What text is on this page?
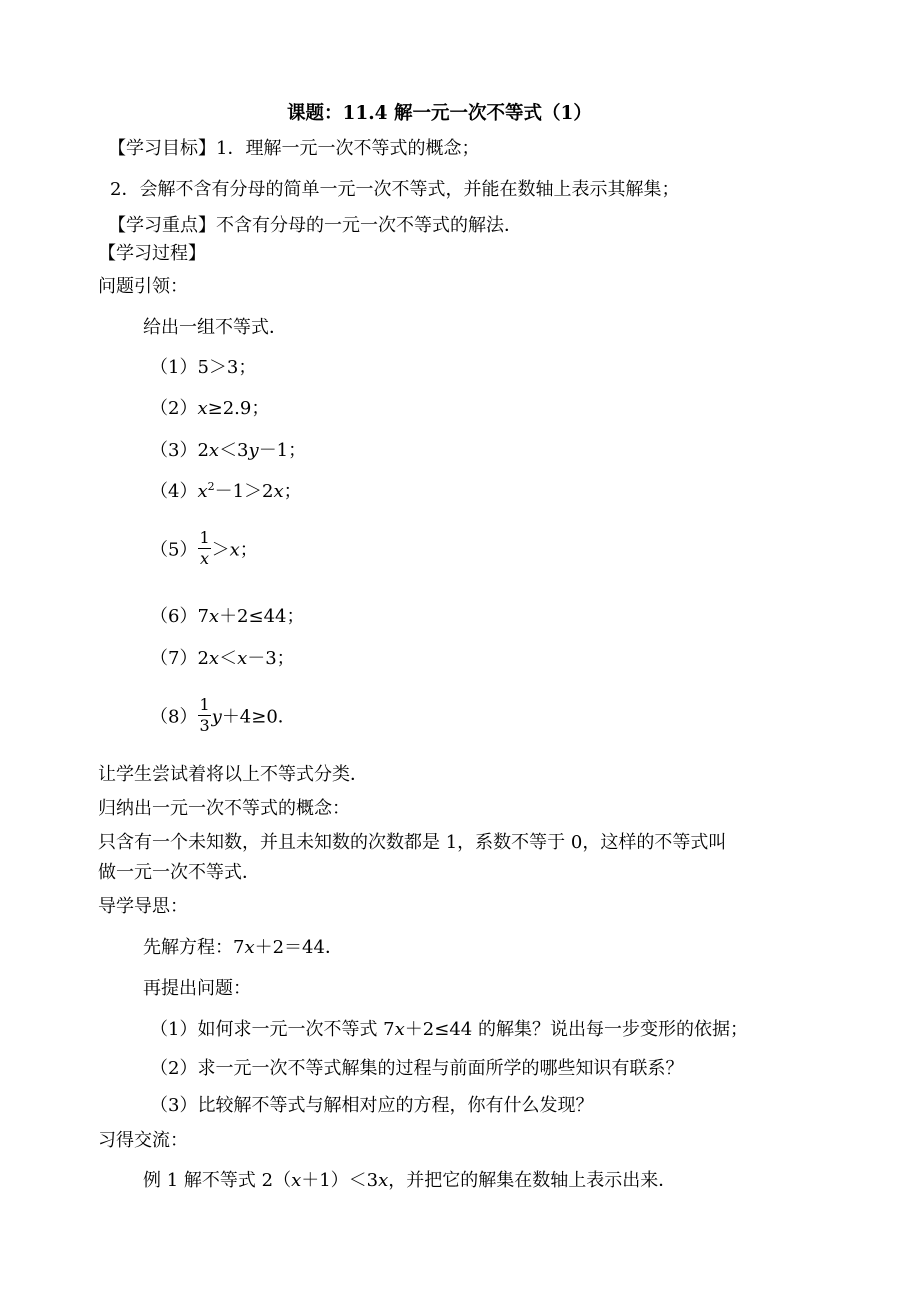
课题：11.4 解一元一次不等式（1）
【学习目标】1．理解一元一次不等式的概念；
2．会解不含有分母的简单一元一次不等式，并能在数轴上表示其解集；
【学习重点】不含有分母的一元一次不等式的解法．
【学习过程】
问题引领：
给出一组不等式．
（1）5＞3；
（2）x≥2.9；
（3）2x＜3y－1；
$(4)x^2-1>2x$；
$(5) \frac{1}{x} >x$；
（6）7x＋2≤44；
（7）2x＜x－3；
$(8) \frac{1}{3} y+4\ge 0$．
让学生尝试着将以上不等式分类．
归纳出一元一次不等式的概念：
只含有一个未知数，并且未知数的次数都是 1，系数不等于 0，这样的不等式叫
做一元一次不等式．
导学导思：
先解方程：7x＋2＝44．
再提出问题：
（1）如何求一元一次不等式 7x＋2≤44 的解集？说出每一步变形的依据；
（2）求一元一次不等式解集的过程与前面所学的哪些知识有联系？
（3）比较解不等式与解相对应的方程，你有什么发现？
习得交流：
例 1 解不等式 2（x＋1）＜3x，并把它的解集在数轴上表示出来．
